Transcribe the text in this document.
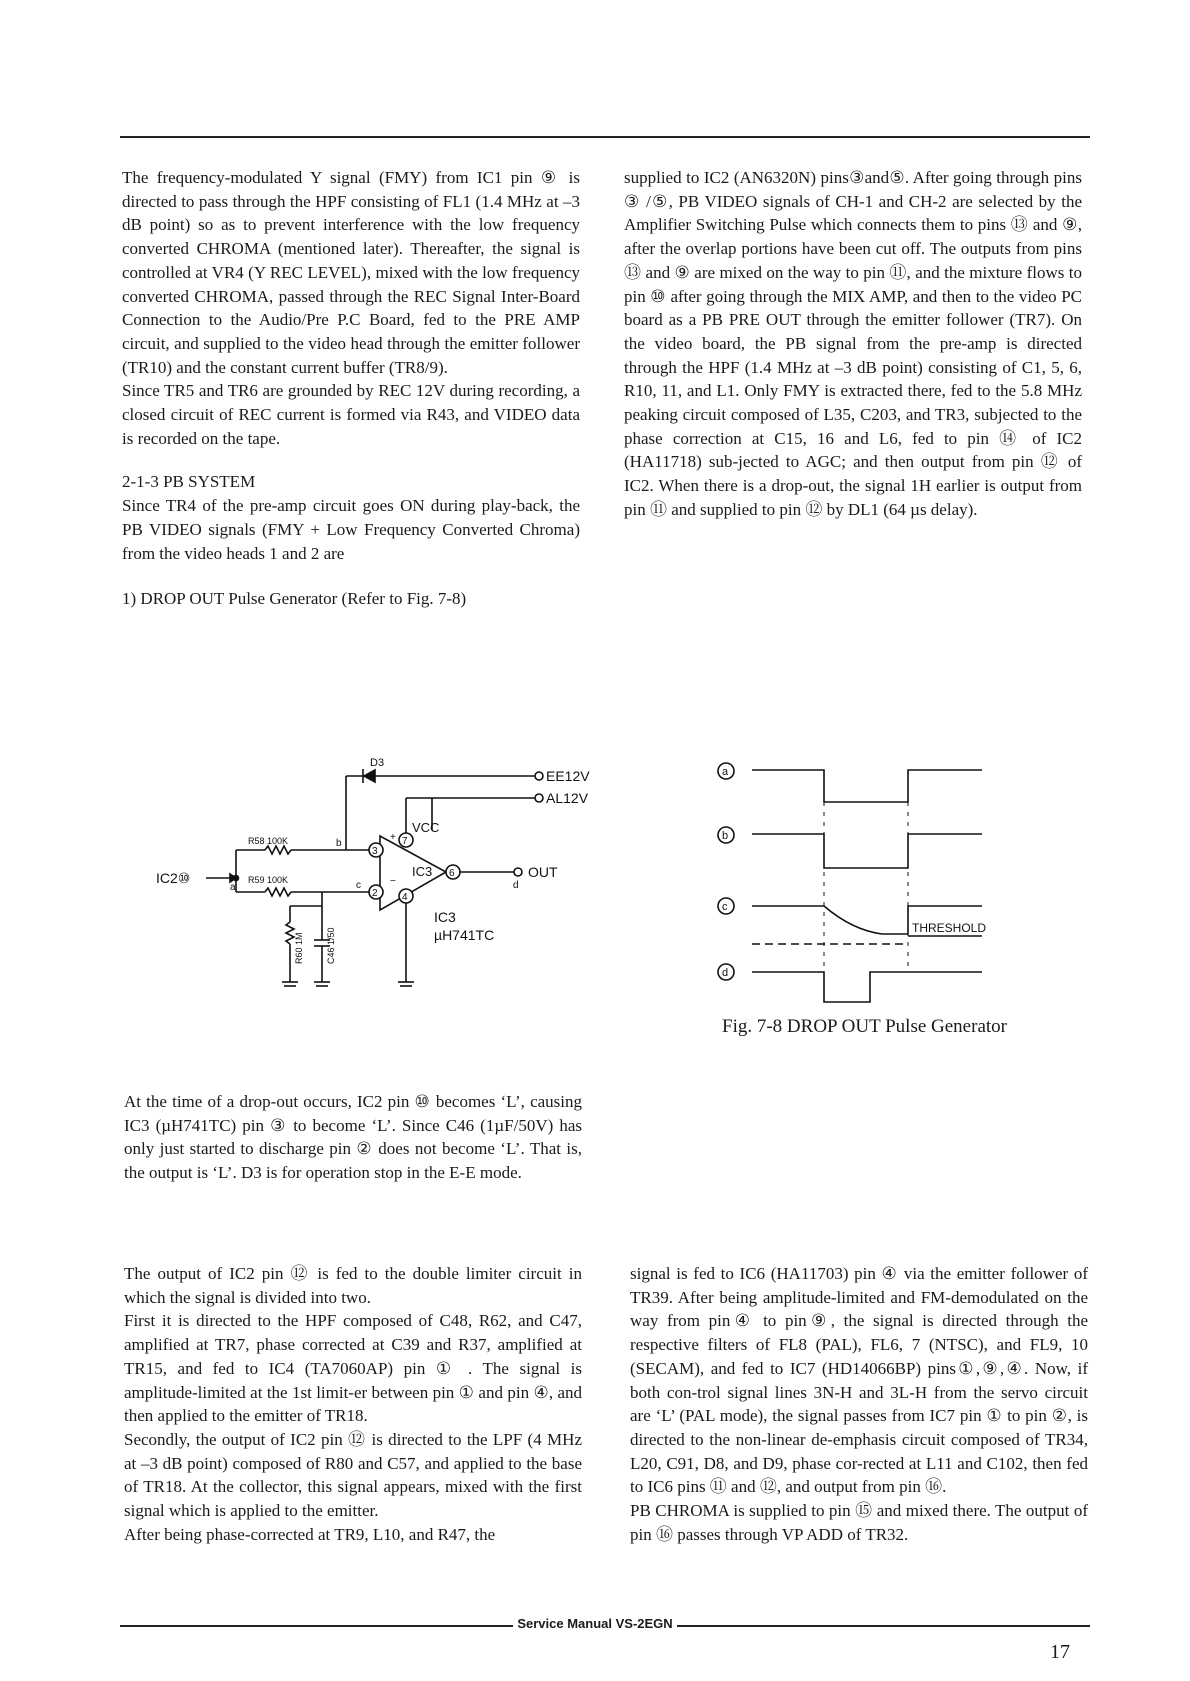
The frequency-modulated Y signal (FMY) from IC1 pin ⑨ is directed to pass through the HPF consisting of FL1 (1.4 MHz at –3 dB point) so as to prevent interference with the low frequency converted CHROMA (mentioned later). Thereafter, the signal is controlled at VR4 (Y REC LEVEL), mixed with the low frequency converted CHROMA, passed through the REC Signal Inter-Board Connection to the Audio/Pre P.C Board, fed to the PRE AMP circuit, and supplied to the video head through the emitter follower (TR10) and the constant current buffer (TR8/9).

Since TR5 and TR6 are grounded by REC 12V during recording, a closed circuit of REC current is formed via R43, and VIDEO data is recorded on the tape.

2-1-3 PB SYSTEM

Since TR4 of the pre-amp circuit goes ON during play-back, the PB VIDEO signals (FMY + Low Frequency Converted Chroma) from the video heads 1 and 2 are

1) DROP OUT Pulse Generator (Refer to Fig. 7-8)

supplied to IC2 (AN6320N) pins③and⑤. After going through pins ③ /⑤, PB VIDEO signals of CH-1 and CH-2 are selected by the Amplifier Switching Pulse which connects them to pins ⑬ and ⑨, after the overlap portions have been cut off. The outputs from pins ⑬ and ⑨ are mixed on the way to pin ⑪, and the mixture flows to pin ⑩ after going through the MIX AMP, and then to the video PC board as a PB PRE OUT through the emitter follower (TR7). On the video board, the PB signal from the pre-amp is directed through the HPF (1.4 MHz at –3 dB point) consisting of C1, 5, 6, R10, 11, and L1. Only FMY is extracted there, fed to the 5.8 MHz peaking circuit composed of L35, C203, and TR3, subjected to the phase correction at C15, 16 and L6, fed to pin ⑭ of IC2 (HA11718) sub-jected to AGC; and then output from pin ⑫ of IC2. When there is a drop-out, the signal 1H earlier is output from pin ⑪ and supplied to pin ⑫ by DL1 (64 µs delay).

D3
EE12V
AL12V
IC2⑩
a
R58 100K	b
R59 100K	c
3
2
7
4
+
−
VCC
IC3 6
d
OUT
IC3
µH741TC
R60 1M C46 1/50
a
b
c
d
THRESHOLD
Fig. 7-8 DROP OUT Pulse Generator

At the time of a drop-out occurs, IC2 pin ⑩ becomes ‘L’, causing IC3 (µH741TC) pin ③ to become ‘L’. Since C46 (1µF/50V) has only just started to discharge pin ② does not become ‘L’. That is, the output is ‘L’. D3 is for operation stop in the E-E mode.

The output of IC2 pin ⑫ is fed to the double limiter circuit in which the signal is divided into two.

First it is directed to the HPF composed of C48, R62, and C47, amplified at TR7, phase corrected at C39 and R37, amplified at TR15, and fed to IC4 (TA7060AP) pin ① . The signal is amplitude-limited at the 1st limit-er between pin ① and pin ④, and then applied to the emitter of TR18.

Secondly, the output of IC2 pin ⑫ is directed to the LPF (4 MHz at –3 dB point) composed of R80 and C57, and applied to the base of TR18. At the collector, this signal appears, mixed with the first signal which is applied to the emitter.

After being phase-corrected at TR9, L10, and R47, the

signal is fed to IC6 (HA11703) pin ④ via the emitter follower of TR39. After being amplitude-limited and FM-demodulated on the way from pin④ to pin⑨, the signal is directed through the respective filters of FL8 (PAL), FL6, 7 (NTSC), and FL9, 10 (SECAM), and fed to IC7 (HD14066BP) pins①,⑨,④. Now, if both con-trol signal lines 3N-H and 3L-H from the servo circuit are ‘L’ (PAL mode), the signal passes from IC7 pin ① to pin ②, is directed to the non-linear de-emphasis circuit composed of TR34, L20, C91, D8, and D9, phase cor-rected at L11 and C102, then fed to IC6 pins ⑪ and ⑫, and output from pin ⑯.

PB CHROMA is supplied to pin ⑮ and mixed there. The output of pin ⑯ passes through VP ADD of TR32.

Service Manual VS-2EGN
17
